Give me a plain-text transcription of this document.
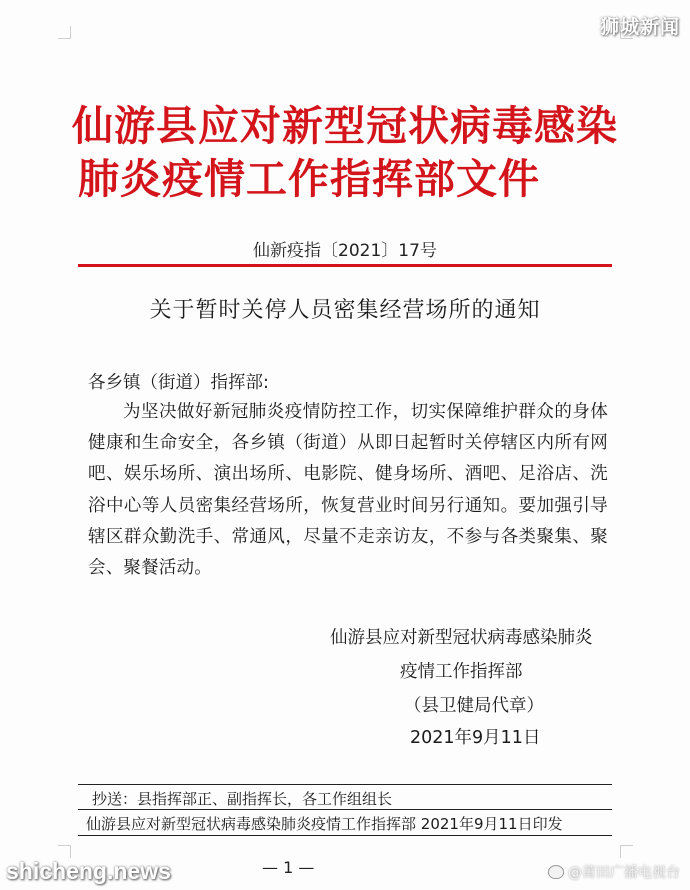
仙游县应对新型冠状病毒感染
肺炎疫情工作指挥部文件
仙新疫指〔2021〕17号
关于暂时关停人员密集经营场所的通知
各乡镇（街道）指挥部:
为坚决做好新冠肺炎疫情防控工作，切实保障维护群众的身体健康和生命安全，各乡镇（街道）从即日起暂时关停辖区内所有网吧、娱乐场所、演出场所、电影院、健身场所、酒吧、足浴店、洗浴中心等人员密集经营场所，恢复营业时间另行通知。要加强引导辖区群众勤洗手、常通风，尽量不走亲访友，不参与各类聚集、聚会、聚餐活动。
仙游县应对新型冠状病毒感染肺炎
疫情工作指挥部
（县卫健局代章）
2021年9月11日
抄送：县指挥部正、副指挥长，各工作组组长
仙游县应对新型冠状病毒感染肺炎疫情工作指挥部 2021年9月11日印发
— 1 —
狮城新闻
shicheng.news	@莆田广播电视台
